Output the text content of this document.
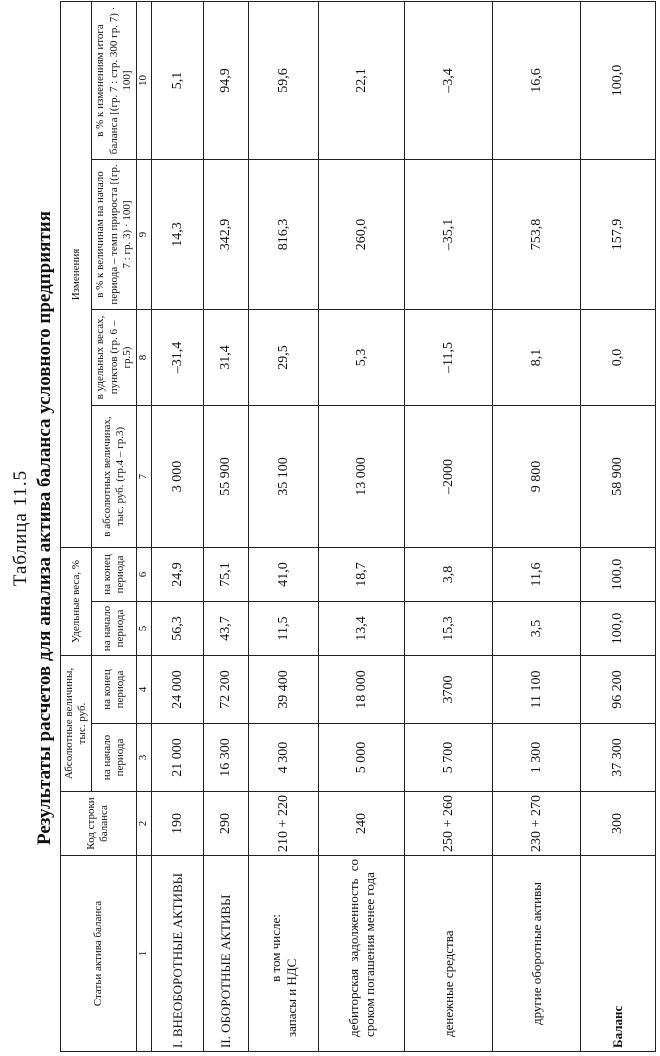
Таблица 11.5 Результаты расчетов для анализа актива баланса условного предприятия
Статьи актива баланса	Код строки баланса	Абсолютные величины, тыс. руб.		Удельные веса, %		Изменения			
		на начало периода	на конец периода	на начало периода	на конец периода	в абсолютных величинах, тыс. руб. (гр.4 – гр.3)	в удельных весах, пунктов (гр. 6 – гр.5)	в % к величинам на начало периода – темп прироста [(гр. 7 : гр. 3) · 100]	в % к изменениям итога баланса [(гр. 7 : стр. 300 гр. 7) · 100]
1	2	3	4	5	6	7	8	9	10
I. ВНЕОБОРОТНЫЕ АКТИВЫ	190	21 000	24 000	56,3	24,9	3 000	–31,4	14,3	5,1
II. ОБОРОТНЫЕ АКТИВЫ	290	16 300	72 200	43,7	75,1	55 900	31,4	342,9	94,9

в том числе:
запасы и НДС	210 + 220	4 300	39 400	11,5	41,0	35 100	29,5	816,3	59,6
дебиторская задолженность со сроком погашения менее года	240	5 000	18 000	13,4	18,7	13 000	5,3	260,0	22,1
денежные средства	250 + 260	5 700	3700	15,3	3,8	–2000	–11,5	–35,1	–3,4
другие оборотные активы	230 + 270	1 300	11 100	3,5	11,6	9 800	8,1	753,8	16,6
Баланс	300	37 300	96 200	100,0	100,0	58 900	0,0	157,9	100,0
